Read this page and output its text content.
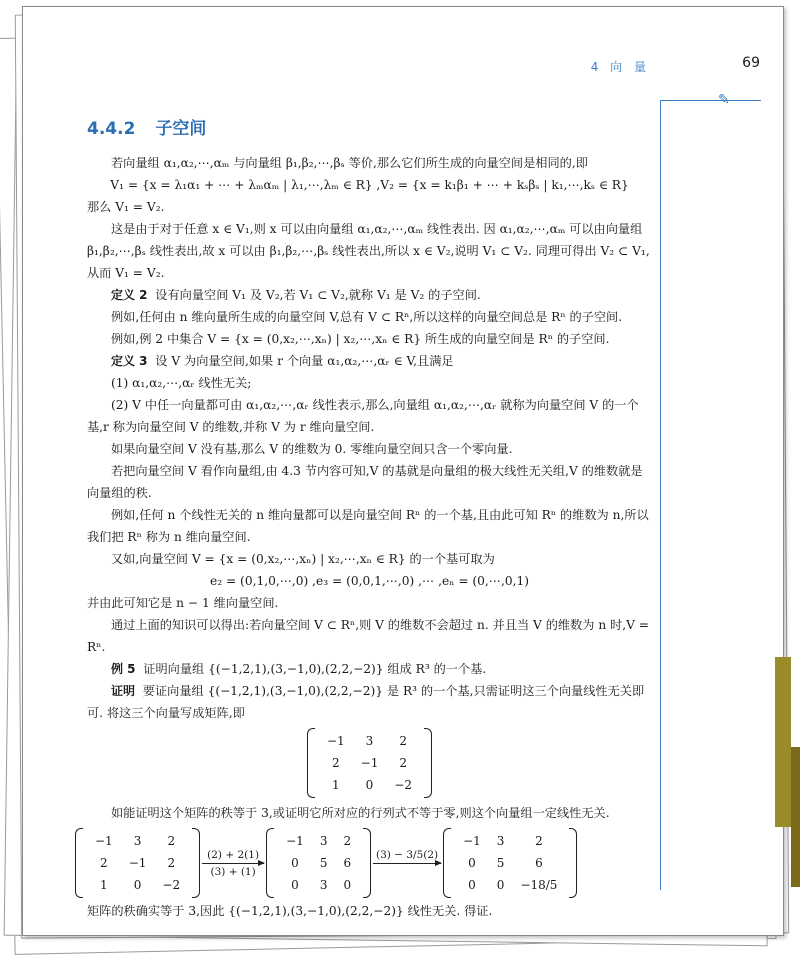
4 向 量	69
✎
4.4.2 子空间

若向量组 α₁,α₂,⋯,αₘ 与向量组 β₁,β₂,⋯,βₛ 等价,那么它们所生成的向量空间是相同的,即

V₁ = {x = λ₁α₁ + ⋯ + λₘαₘ | λ₁,⋯,λₘ ∈ R} ,V₂ = {x = k₁β₁ + ⋯ + kₛβₛ | k₁,⋯,kₛ ∈ R}

那么 V₁ = V₂.

这是由于对于任意 x ∈ V₁,则 x 可以由向量组 α₁,α₂,⋯,αₘ 线性表出. 因 α₁,α₂,⋯,αₘ 可以由向量组 β₁,β₂,⋯,βₛ 线性表出,故 x 可以由 β₁,β₂,⋯,βₛ 线性表出,所以 x ∈ V₂,说明 V₁ ⊂ V₂. 同理可得出 V₂ ⊂ V₁,从而 V₁ = V₂.

定义 2 设有向量空间 V₁ 及 V₂,若 V₁ ⊂ V₂,就称 V₁ 是 V₂ 的子空间.

例如,任何由 n 维向量所生成的向量空间 V,总有 V ⊂ Rⁿ,所以这样的向量空间总是 Rⁿ 的子空间.

例如,例 2 中集合 V = {x = (0,x₂,⋯,xₙ) | x₂,⋯,xₙ ∈ R} 所生成的向量空间是 Rⁿ 的子空间.

定义 3 设 V 为向量空间,如果 r 个向量 α₁,α₂,⋯,αᵣ ∈ V,且满足

(1) α₁,α₂,⋯,αᵣ 线性无关;

(2) V 中任一向量都可由 α₁,α₂,⋯,αᵣ 线性表示,那么,向量组 α₁,α₂,⋯,αᵣ 就称为向量空间 V 的一个基,r 称为向量空间 V 的维数,并称 V 为 r 维向量空间.

如果向量空间 V 没有基,那么 V 的维数为 0. 零维向量空间只含一个零向量.

若把向量空间 V 看作向量组,由 4.3 节内容可知,V 的基就是向量组的极大线性无关组,V 的维数就是向量组的秩.

例如,任何 n 个线性无关的 n 维向量都可以是向量空间 Rⁿ 的一个基,且由此可知 Rⁿ 的维数为 n,所以我们把 Rⁿ 称为 n 维向量空间.

又如,向量空间 V = {x = (0,x₂,⋯,xₙ) | x₂,⋯,xₙ ∈ R} 的一个基可取为

e₂ = (0,1,0,⋯,0) ,e₃ = (0,0,1,⋯,0) ,⋯ ,eₙ = (0,⋯,0,1)

并由此可知它是 n − 1 维向量空间.

通过上面的知识可以得出:若向量空间 V ⊂ Rⁿ,则 V 的维数不会超过 n. 并且当 V 的维数为 n 时,V = Rⁿ.

例 5 证明向量组 {(−1,2,1),(3,−1,0),(2,2,−2)} 组成 R³ 的一个基.

证明 要证向量组 {(−1,2,1),(3,−1,0),(2,2,−2)} 是 R³ 的一个基,只需证明这三个向量线性无关即可. 将这三个向量写成矩阵,即

−1	3	2
2	−1	2
1	0	−2

如能证明这个矩阵的秩等于 3,或证明它所对应的行列式不等于零,则这个向量组一定线性无关.

−1	3	2
2	−1	2
1	0	−2
(2) + 2(1)
(3) + (1)
−1	3	2
0	5	6
0	3	0
(3) − 3/5(2)

−1	3	2
0	5	6
0	0	−18/5

矩阵的秩确实等于 3,因此 {(−1,2,1),(3,−1,0),(2,2,−2)} 线性无关. 得证.
